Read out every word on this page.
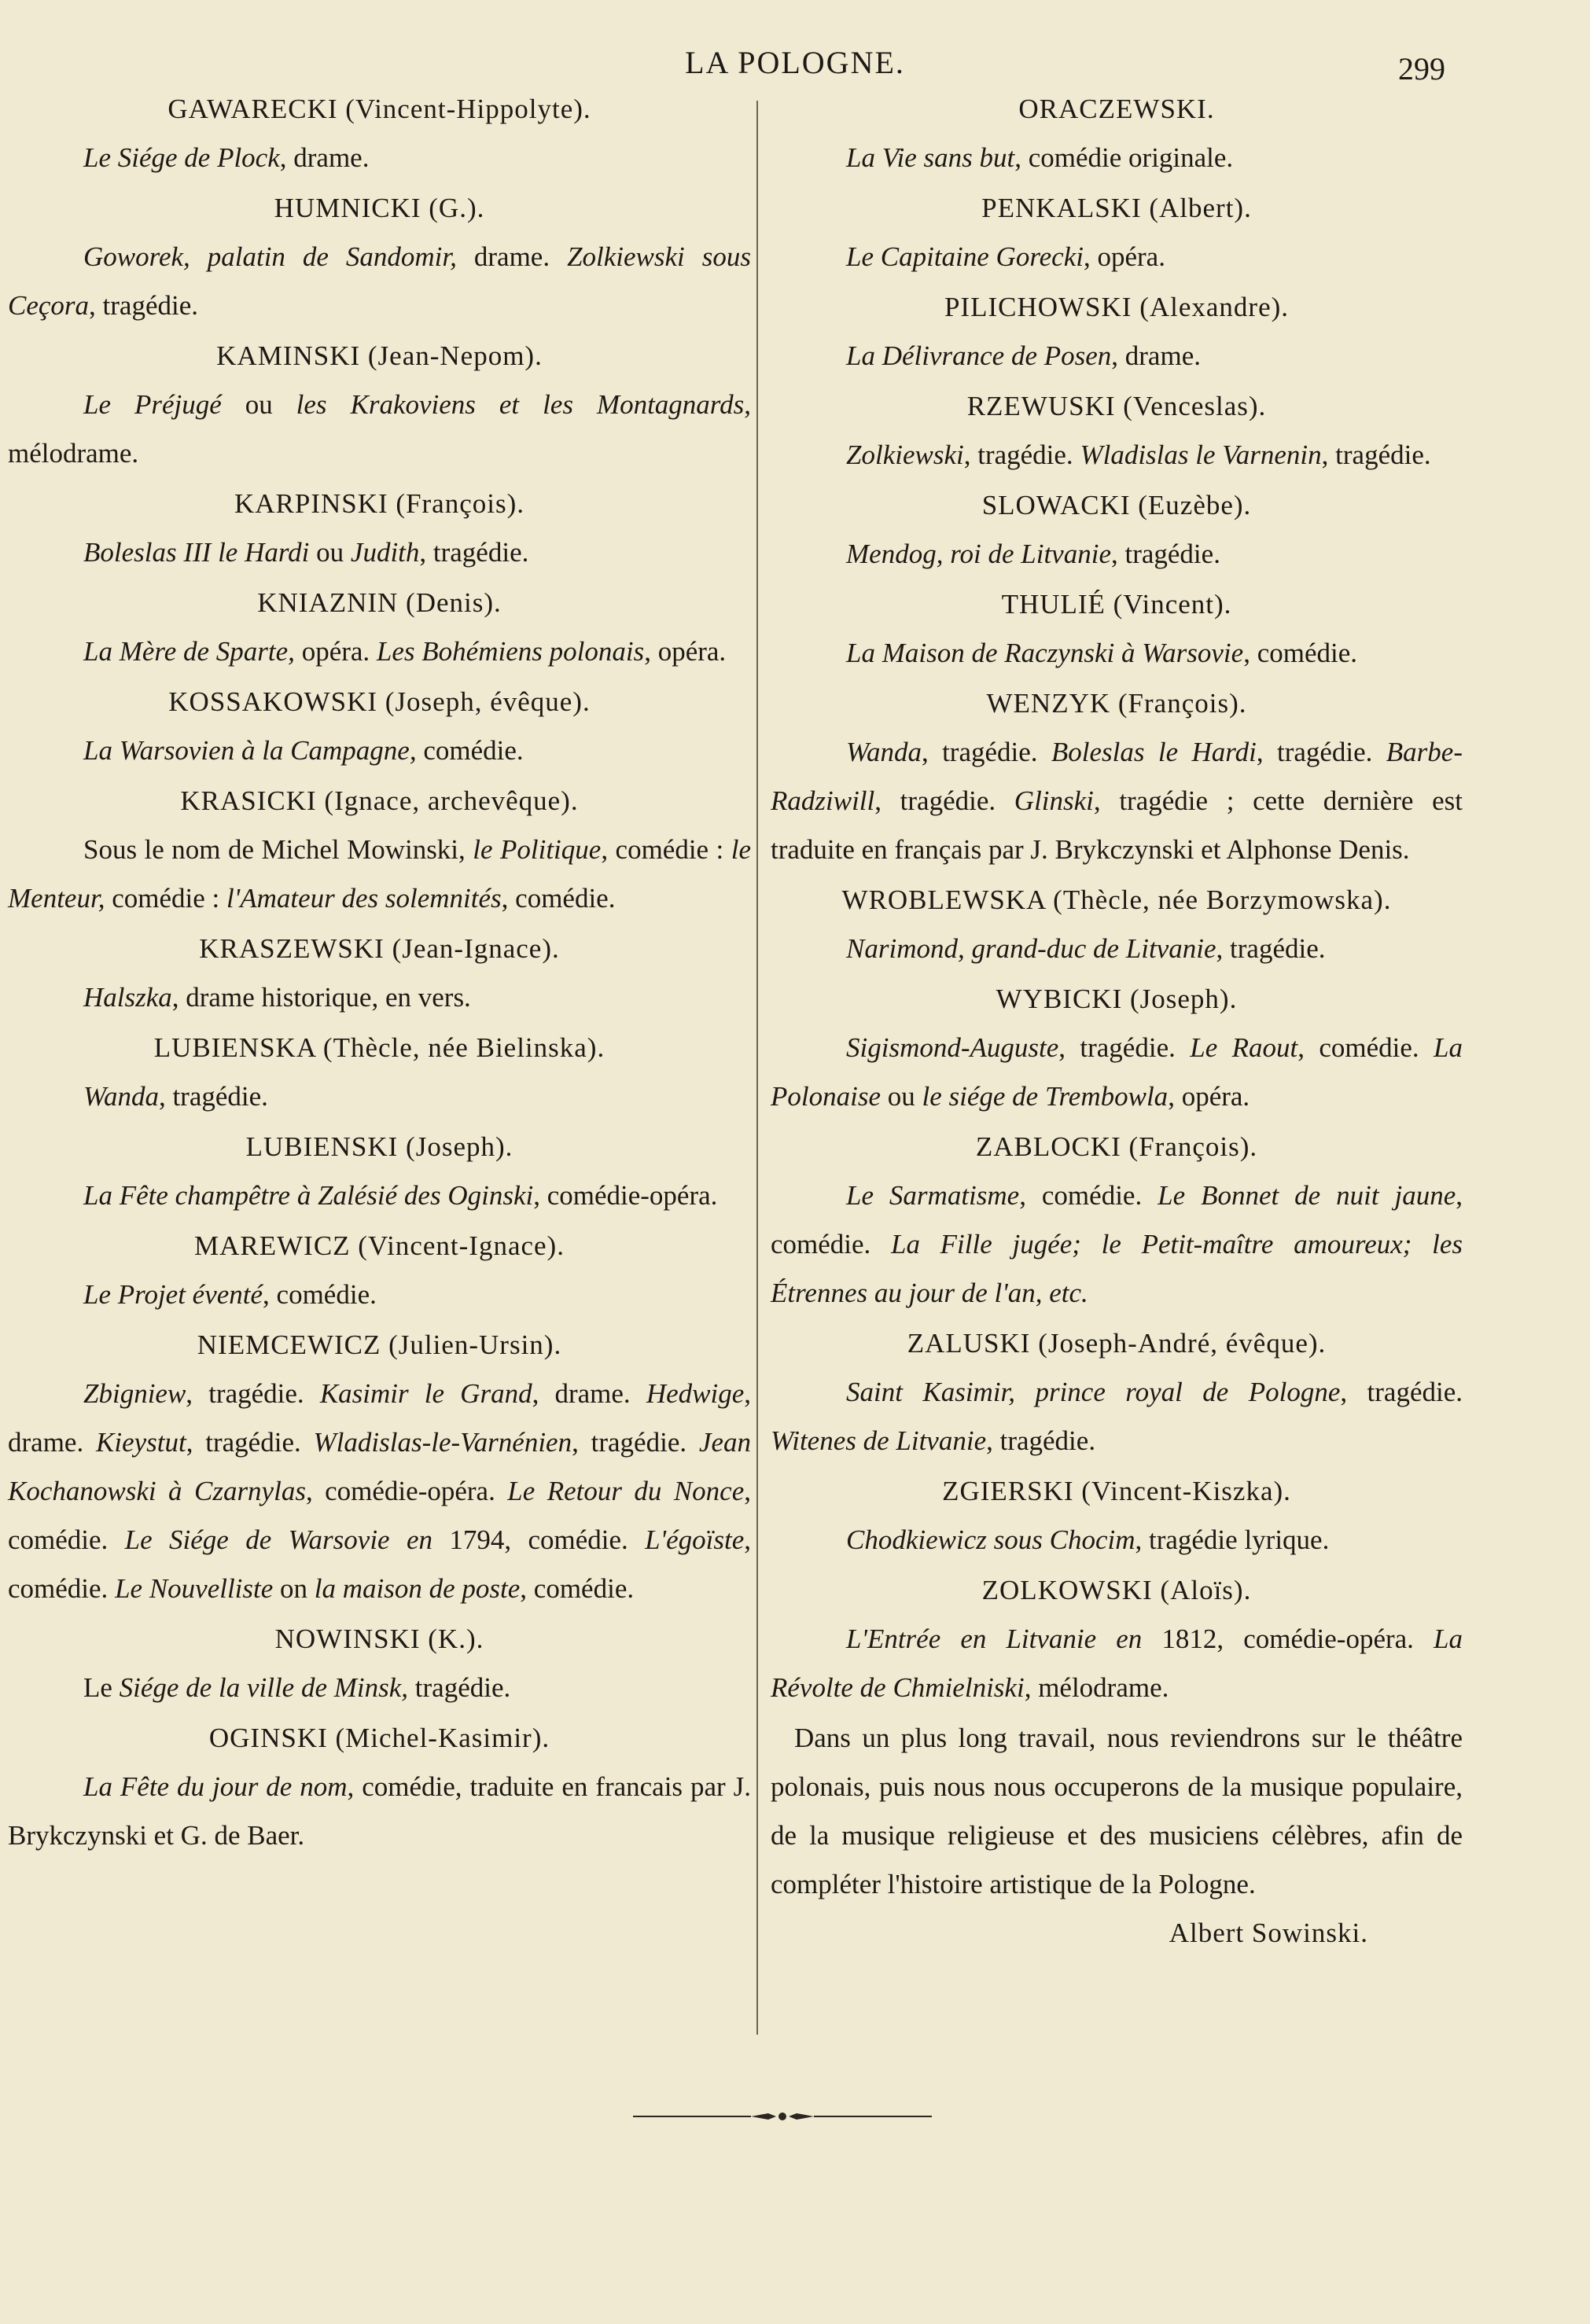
LA POLOGNE.	299
GAWARECKI (Vincent-Hippolyte).

Le Siége de Plock, drame.

HUMNICKI (G.).

Goworek, palatin de Sandomir, drame. Zolkiewski sous Ceçora, tragédie.

KAMINSKI (Jean-Nepom).

Le Préjugé ou les Krakoviens et les Montagnards, mélodrame.

KARPINSKI (François).

Boleslas III le Hardi ou Judith, tragédie.

KNIAZNIN (Denis).

La Mère de Sparte, opéra. Les Bohémiens polonais, opéra.

KOSSAKOWSKI (Joseph, évêque).

La Warsovien à la Campagne, comédie.

KRASICKI (Ignace, archevêque).

Sous le nom de Michel Mowinski, le Politique, comédie : le Menteur, comédie : l'Amateur des solemnités, comédie.

KRASZEWSKI (Jean-Ignace).

Halszka, drame historique, en vers.

LUBIENSKA (Thècle, née Bielinska).

Wanda, tragédie.

LUBIENSKI (Joseph).

La Fête champêtre à Zalésié des Oginski, comédie-opéra.

MAREWICZ (Vincent-Ignace).

Le Projet éventé, comédie.

NIEMCEWICZ (Julien-Ursin).

Zbigniew, tragédie. Kasimir le Grand, drame. Hedwige, drame. Kieystut, tragédie. Wladislas-le-Varnénien, tragédie. Jean Kochanowski à Czarnylas, comédie-opéra. Le Retour du Nonce, comédie. Le Siége de Warsovie en 1794, comédie. L'égoïste, comédie. Le Nouvelliste on la maison de poste, comédie.

NOWINSKI (K.).

Le Siége de la ville de Minsk, tragédie.

OGINSKI (Michel-Kasimir).

La Fête du jour de nom, comédie, traduite en francais par J. Brykczynski et G. de Baer.

ORACZEWSKI.

La Vie sans but, comédie originale.

PENKALSKI (Albert).

Le Capitaine Gorecki, opéra.

PILICHOWSKI (Alexandre).

La Délivrance de Posen, drame.

RZEWUSKI (Venceslas).

Zolkiewski, tragédie. Wladislas le Varnenin, tragédie.

SLOWACKI (Euzèbe).

Mendog, roi de Litvanie, tragédie.

THULIÉ (Vincent).

La Maison de Raczynski à Warsovie, comédie.

WENZYK (François).

Wanda, tragédie. Boleslas le Hardi, tragédie. Barbe-Radziwill, tragédie. Glinski, tragédie ; cette dernière est traduite en français par J. Brykczynski et Alphonse Denis.

WROBLEWSKA (Thècle, née Borzymowska).

Narimond, grand-duc de Litvanie, tragédie.

WYBICKI (Joseph).

Sigismond-Auguste, tragédie. Le Raout, comédie. La Polonaise ou le siége de Trembowla, opéra.

ZABLOCKI (François).

Le Sarmatisme, comédie. Le Bonnet de nuit jaune, comédie. La Fille jugée; le Petit-maître amoureux; les Étrennes au jour de l'an, etc.

ZALUSKI (Joseph-André, évêque).

Saint Kasimir, prince royal de Pologne, tragédie. Witenes de Litvanie, tragédie.

ZGIERSKI (Vincent-Kiszka).

Chodkiewicz sous Chocim, tragédie lyrique.

ZOLKOWSKI (Aloïs).

L'Entrée en Litvanie en 1812, comédie-opéra. La Révolte de Chmielniski, mélodrame.

Dans un plus long travail, nous reviendrons sur le théâtre polonais, puis nous nous occuperons de la musique populaire, de la musique religieuse et des musiciens célèbres, afin de compléter l'histoire artistique de la Pologne.

Albert Sowinski.
